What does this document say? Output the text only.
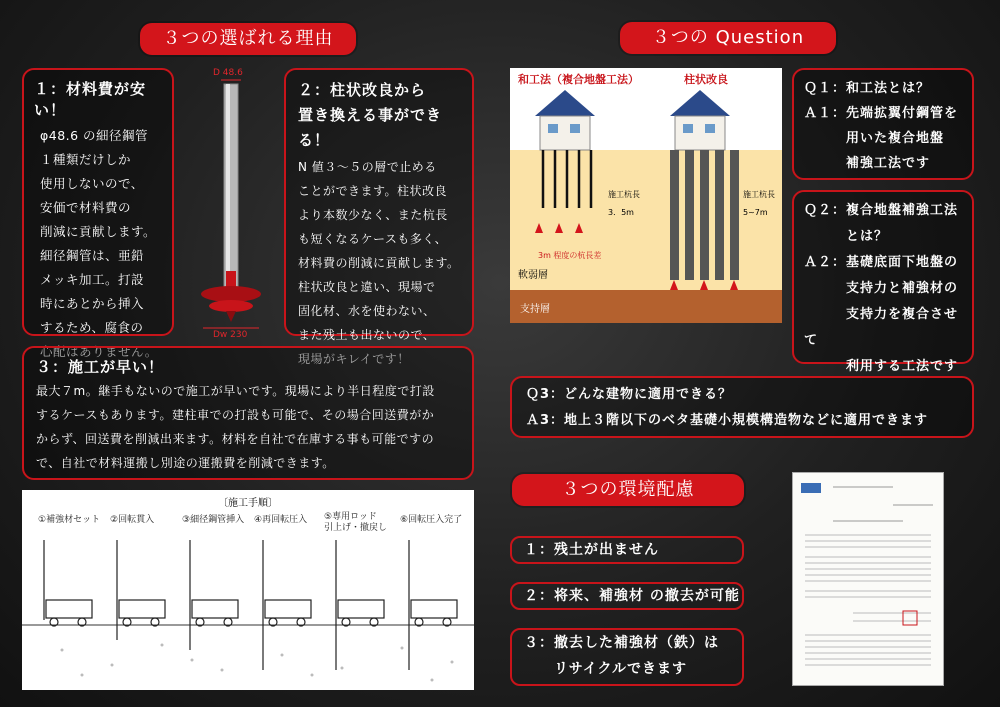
３つの選ばれる理由
１：材料費が安い！

φ48.6 の細径鋼管
１種類だけしか
使用しないので、
安価で材料費の
削減に貢献します。
細径鋼管は、亜鉛
メッキ加工。打設
時にあとから挿入
するため、腐食の
心配はありません。

D 48.6
Dw 230
２：柱状改良から
置き換える事ができる！

N 値３～５の層で止める
ことができます。柱状改良
より本数少なく、また杭長
も短くなるケースも多く、
材料費の削減に貢献します。
柱状改良と違い、現場で
固化材、水を使わない、
また残土も出ないので、
現場がキレイです！

３：施工が早い！

最大７m。継手もないので施工が早いです。現場により半日程度で打設
するケースもあります。建柱車での打設も可能で、その場合回送費がか
からず、回送費を削減出来ます。材料を自社で在庫する事も可能ですの
で、自社で材料運搬し別途の運搬費を削減できます。

〔施工手順〕
①補強材セット ②回転貫入	③細径鋼管挿入 ④再回転圧入 ⑤専用ロッド
引上げ・撤戻し
⑥回転圧入完了
３つの Question
和工法（複合地盤工法）	柱状改良
施工杭長
3．5m
施工杭長
5~7m
3m 程度の杭長差
軟弱層
支持層
Ｑ１：和工法とは？
Ａ１：先端拡翼付鋼管を
　　　用いた複合地盤
　　　補強工法です
Ｑ２：複合地盤補強工法
　　　とは？
Ａ２：基礎底面下地盤の
　　　支持力と補強材の
　　　支持力を複合させて
　　　利用する工法です
Ｑ3：どんな建物に適用できる？
Ａ3：地上３階以下のベタ基礎小規模構造物などに適用できます
３つの環境配慮
１：残土が出ません
２：将来、補強材 の撤去が可能
３：撤去した補強材（鉄）は
　　リサイクルできます
